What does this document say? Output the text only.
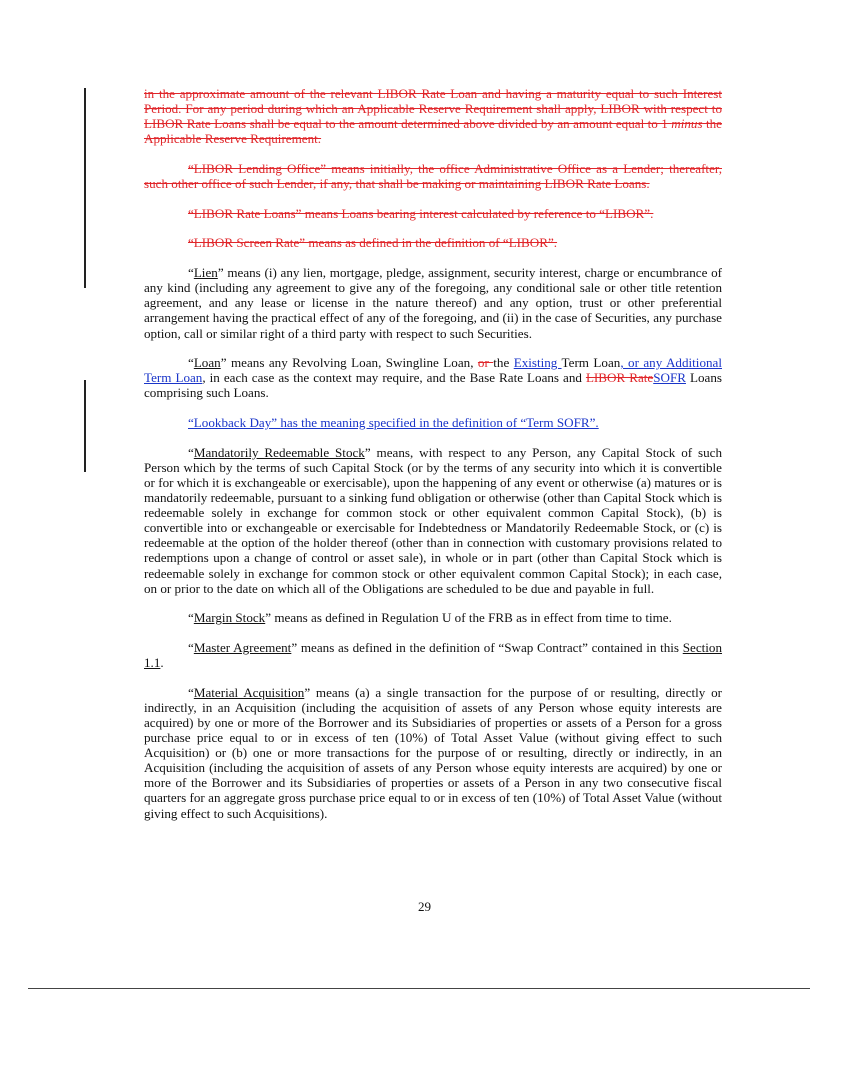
in the approximate amount of the relevant LIBOR Rate Loan and having a maturity equal to such Interest Period. For any period during which an Applicable Reserve Requirement shall apply, LIBOR with respect to LIBOR Rate Loans shall be equal to the amount determined above divided by an amount equal to 1 minus the Applicable Reserve Requirement.

“LIBOR Lending Office” means initially, the office Administrative Office as a Lender; thereafter, such other office of such Lender, if any, that shall be making or maintaining LIBOR Rate Loans.

“LIBOR Rate Loans” means Loans bearing interest calculated by reference to “LIBOR”.

“LIBOR Screen Rate” means as defined in the definition of “LIBOR”.

“Lien” means (i) any lien, mortgage, pledge, assignment, security interest, charge or encumbrance of any kind (including any agreement to give any of the foregoing, any conditional sale or other title retention agreement, and any lease or license in the nature thereof) and any option, trust or other preferential arrangement having the practical effect of any of the foregoing, and (ii) in the case of Securities, any purchase option, call or similar right of a third party with respect to such Securities.

“Loan” means any Revolving Loan, Swingline Loan, or the Existing Term Loan, or any Additional Term Loan, in each case as the context may require, and the Base Rate Loans and LIBOR RateSOFR Loans comprising such Loans.

“Lookback Day” has the meaning specified in the definition of “Term SOFR”.

“Mandatorily Redeemable Stock” means, with respect to any Person, any Capital Stock of such Person which by the terms of such Capital Stock (or by the terms of any security into which it is convertible or for which it is exchangeable or exercisable), upon the happening of any event or otherwise (a) matures or is mandatorily redeemable, pursuant to a sinking fund obligation or otherwise (other than Capital Stock which is redeemable solely in exchange for common stock or other equivalent common Capital Stock), (b) is convertible into or exchangeable or exercisable for Indebtedness or Mandatorily Redeemable Stock, or (c) is redeemable at the option of the holder thereof (other than in connection with customary provisions related to redemptions upon a change of control or asset sale), in whole or in part (other than Capital Stock which is redeemable solely in exchange for common stock or other equivalent common Capital Stock); in each case, on or prior to the date on which all of the Obligations are scheduled to be due and payable in full.

“Margin Stock” means as defined in Regulation U of the FRB as in effect from time to time.

“Master Agreement” means as defined in the definition of “Swap Contract” contained in this Section 1.1.

“Material Acquisition” means (a) a single transaction for the purpose of or resulting, directly or indirectly, in an Acquisition (including the acquisition of assets of any Person whose equity interests are acquired) by one or more of the Borrower and its Subsidiaries of properties or assets of a Person for a gross purchase price equal to or in excess of ten (10%) of Total Asset Value (without giving effect to such Acquisition) or (b) one or more transactions for the purpose of or resulting, directly or indirectly, in an Acquisition (including the acquisition of assets of any Person whose equity interests are acquired) by one or more of the Borrower and its Subsidiaries of properties or assets of a Person in any two consecutive fiscal quarters for an aggregate gross purchase price equal to or in excess of ten (10%) of Total Asset Value (without giving effect to such Acquisitions).

29
